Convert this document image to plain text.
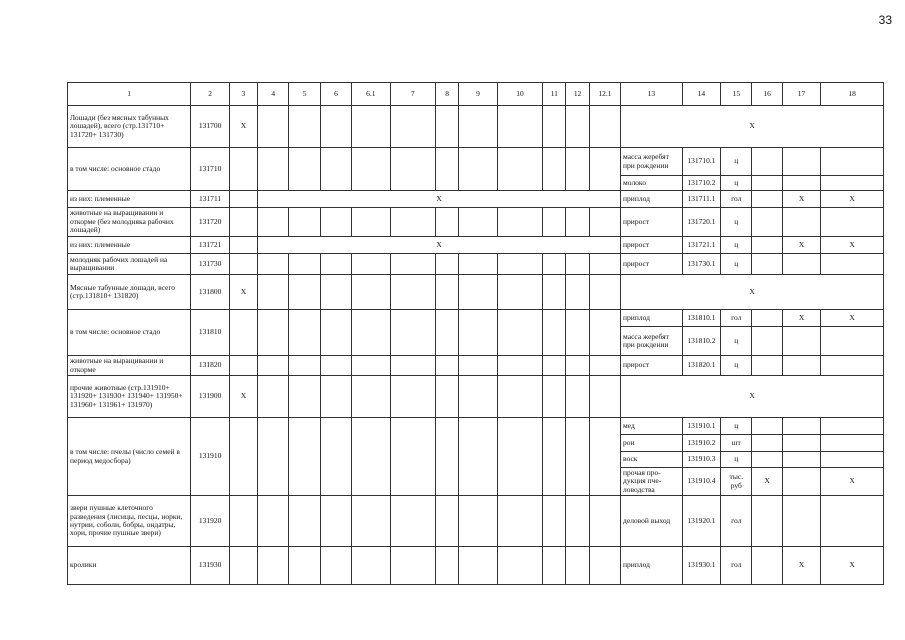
33
1	2	3	4	5	6	6.1	7	8	9	10	11	12	12.1	13	14	15	16	17	18
Лошади (без мясных табунных лошадей), всего (стр.131710+ 131720+ 131730)	131700	X												X					
в том числе: основное стадо	131710													масса жеребят при рождении	131710.1	ц			
														молоко	131710.2	ц			
из них: племенные	131711		X											приплод	131711.1	гол		X	X
животные на выращивании и откорме (без молодняка рабочих лошадей)	131720													прирост	131720.1	ц			
из них: племенные	131721		X											прирост	131721.1	ц		X	X
молодняк рабочих лошадей на выращивании	131730													прирост	131730.1	ц			
Мясные табунные лошади, всего (стр.131810+ 131820)	131800	X												X					
в том числе: основное стадо	131810													приплод	131810.1	гол		X	X
														масса жеребят при рождении	131810.2	ц			
животные на выращивании и откорме	131820													прирост	131820.1	ц			
прочие животные (стр.131910+ 131920+ 131930+ 131940+ 131950+ 131960+ 131961+ 131970)	131900	X												X					
в том числе: пчелы (число семей в период медосбора)	131910													мед	131910.1	ц			
														рои	131910.2	шт			
														воск	131910.3	ц			
														прочая про-дукция пче-ловодства	131910.4	тыс. руб	X		X
звери пушные клеточного разведения (лисицы, песцы, норки, нутрии, соболи, бобры, ондатры, хори, прочие пушные звери)	131920													деловой выход	131920.1	гол			
кролики	131930													приплод	131930.1	гол		X	X
